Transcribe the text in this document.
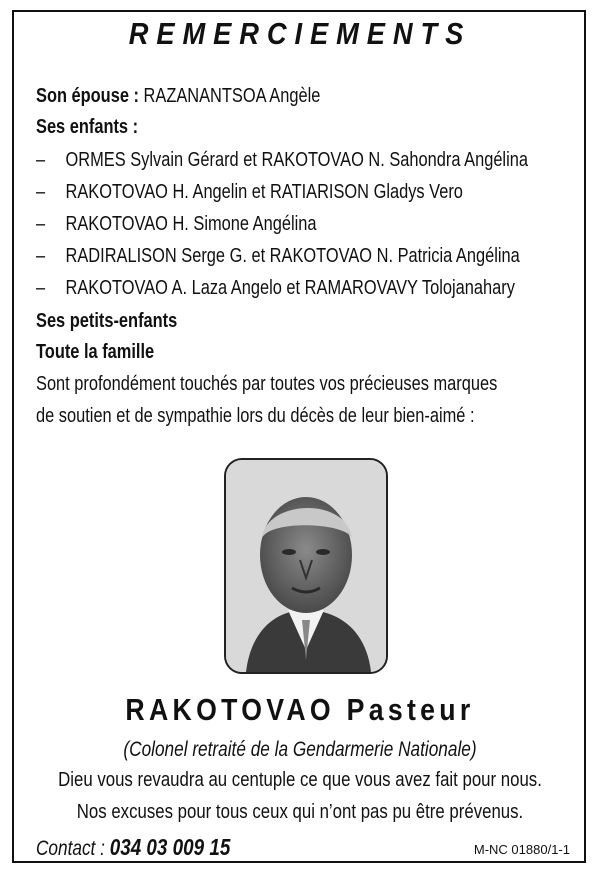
REMERCIEMENTS
Son épouse : RAZANANTSOA Angèle
Ses enfants :
– ORMES Sylvain Gérard et RAKOTOVAO N. Sahondra Angélina
– RAKOTOVAO H. Angelin et RATIARISON Gladys Vero
– RAKOTOVAO H. Simone Angélina
– RADIRALISON Serge G. et RAKOTOVAO N. Patricia Angélina
– RAKOTOVAO A. Laza Angelo et RAMAROVAVY Tolojanahary
Ses petits-enfants
Toute la famille
Sont profondément touchés par toutes vos précieuses marques
de soutien et de sympathie lors du décès de leur bien-aimé :
RAKOTOVAO Pasteur
(Colonel retraité de la Gendarmerie Nationale)
Dieu vous revaudra au centuple ce que vous avez fait pour nous.
Nos excuses pour tous ceux qui n’ont pas pu être prévenus.
Contact : 034 03 009 15	M-NC 01880/1-1
